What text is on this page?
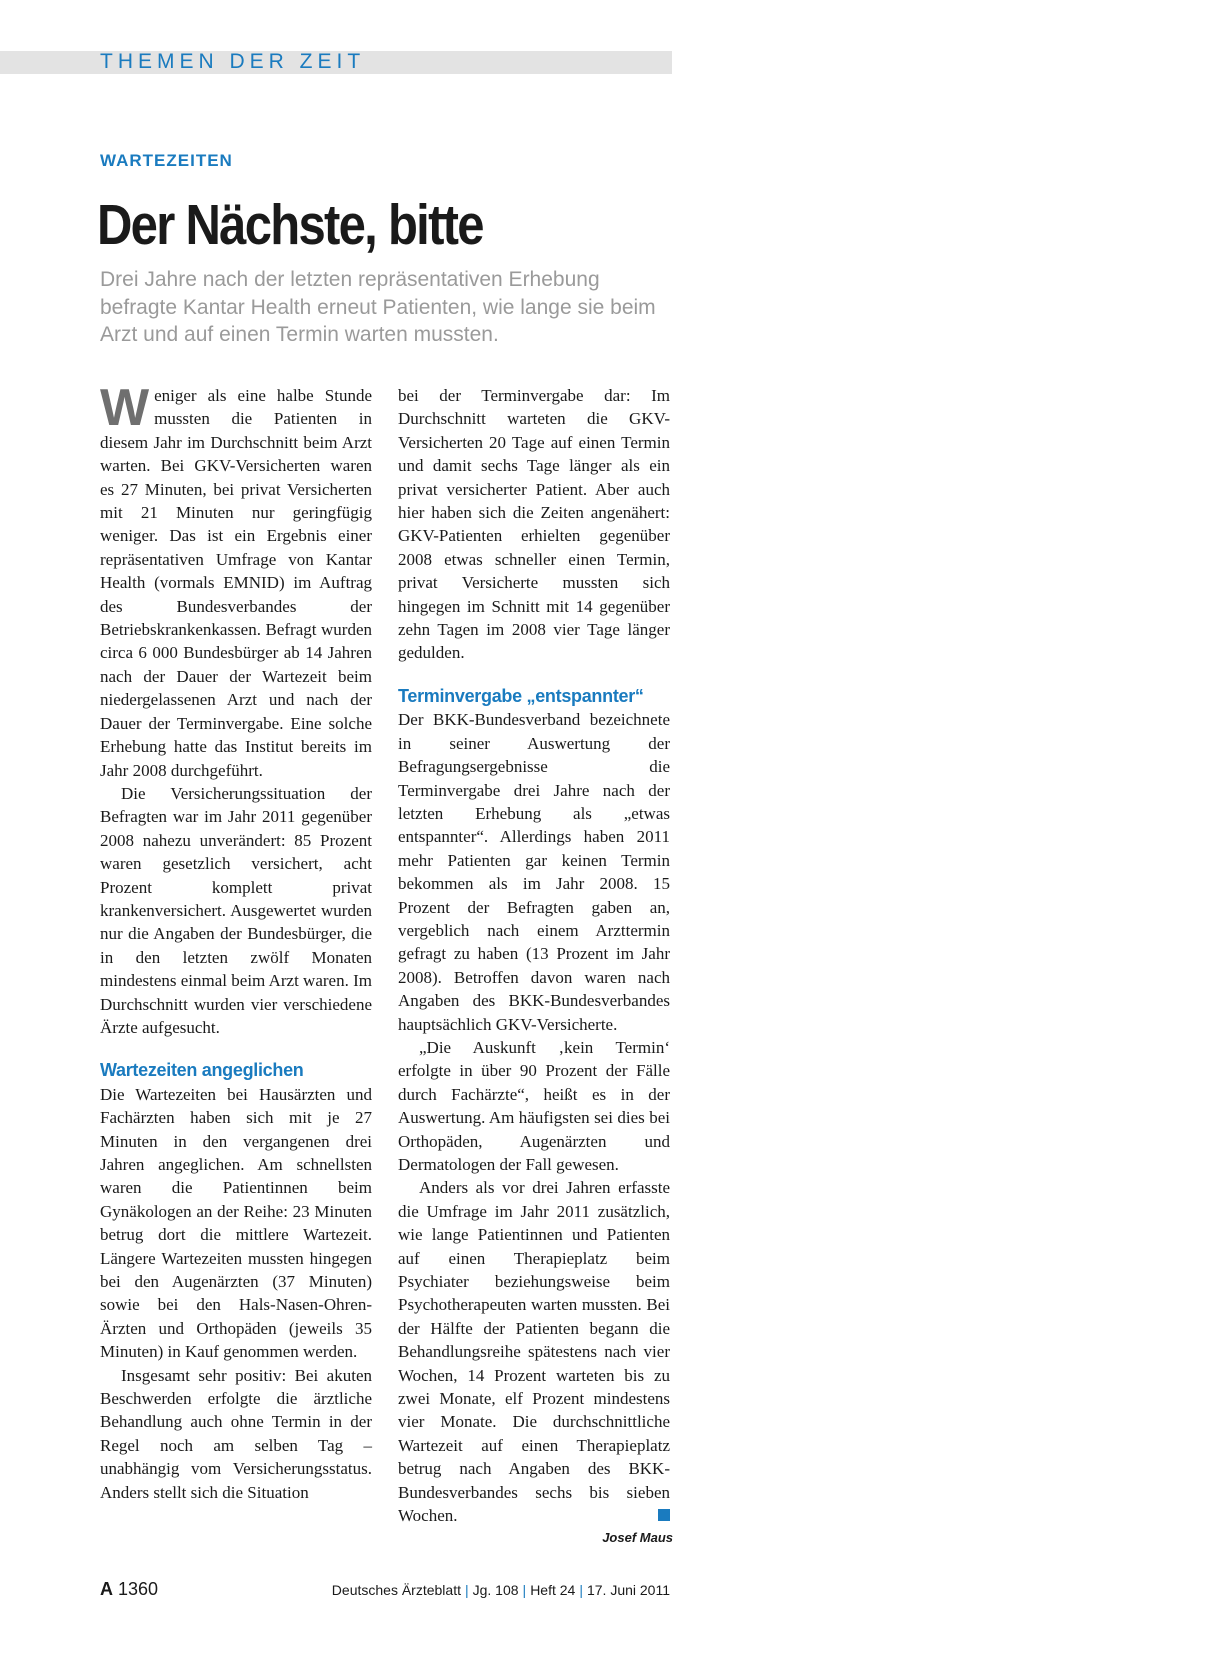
THEMEN DER ZEIT
WARTEZEITEN
Der Nächste, bitte

Drei Jahre nach der letzten repräsentativen Erhebung befragte Kantar Health erneut Patienten, wie lange sie beim Arzt und auf einen Termin warten mussten.

Weniger als eine halbe Stunde mussten die Patienten in diesem Jahr im Durchschnitt beim Arzt warten. Bei GKV-Versicherten waren es 27 Minuten, bei privat Versicherten mit 21 Minuten nur geringfügig weniger. Das ist ein Ergebnis einer repräsentativen Umfrage von Kantar Health (vormals EMNID) im Auftrag des Bundesverbandes der Betriebskrankenkassen. Befragt wurden circa 6 000 Bundesbürger ab 14 Jahren nach der Dauer der Wartezeit beim niedergelassenen Arzt und nach der Dauer der Terminvergabe. Eine solche Erhebung hatte das Institut bereits im Jahr 2008 durchgeführt.

Die Versicherungssituation der Befragten war im Jahr 2011 gegenüber 2008 nahezu unverändert: 85 Prozent waren gesetzlich versichert, acht Prozent komplett privat krankenversichert. Ausgewertet wurden nur die Angaben der Bundesbürger, die in den letzten zwölf Monaten mindestens einmal beim Arzt waren. Im Durchschnitt wurden vier verschiedene Ärzte aufgesucht.

Wartezeiten angeglichen

Die Wartezeiten bei Hausärzten und Fachärzten haben sich mit je 27 Minuten in den vergangenen drei Jahren angeglichen. Am schnellsten waren die Patientinnen beim Gynäkologen an der Reihe: 23 Minuten betrug dort die mittlere Wartezeit. Längere Wartezeiten mussten hingegen bei den Augenärzten (37 Minuten) sowie bei den Hals-Nasen-Ohren-Ärzten und Orthopäden (jeweils 35 Minuten) in Kauf genommen werden.

Insgesamt sehr positiv: Bei akuten Beschwerden erfolgte die ärztliche Behandlung auch ohne Termin in der Regel noch am selben Tag – unabhängig vom Versicherungsstatus. Anders stellt sich die Situation

bei der Terminvergabe dar: Im Durchschnitt warteten die GKV-Versicherten 20 Tage auf einen Termin und damit sechs Tage länger als ein privat versicherter Patient. Aber auch hier haben sich die Zeiten angenähert: GKV-Patienten erhielten gegenüber 2008 etwas schneller einen Termin, privat Versicherte mussten sich hingegen im Schnitt mit 14 gegenüber zehn Tagen im 2008 vier Tage länger gedulden.

Terminvergabe „entspannter“

Der BKK-Bundesverband bezeichnete in seiner Auswertung der Befragungsergebnisse die Terminvergabe drei Jahre nach der letzten Erhebung als „etwas entspannter“. Allerdings haben 2011 mehr Patienten gar keinen Termin bekommen als im Jahr 2008. 15 Prozent der Befragten gaben an, vergeblich nach einem Arzttermin gefragt zu haben (13 Prozent im Jahr 2008). Betroffen davon waren nach Angaben des BKK-Bundesverbandes hauptsächlich GKV-Versicherte.

„Die Auskunft ‚kein Termin‘ erfolgte in über 90 Prozent der Fälle durch Fachärzte“, heißt es in der Auswertung. Am häufigsten sei dies bei Orthopäden, Augenärzten und Dermatologen der Fall gewesen.

Anders als vor drei Jahren erfasste die Umfrage im Jahr 2011 zusätzlich, wie lange Patientinnen und Patienten auf einen Therapieplatz beim Psychiater beziehungsweise beim Psychotherapeuten warten mussten. Bei der Hälfte der Patienten begann die Behandlungsreihe spätestens nach vier Wochen, 14 Prozent warteten bis zu zwei Monate, elf Prozent mindestens vier Monate. Die durchschnittliche Wartezeit auf einen Therapieplatz betrug nach Angaben des BKK-Bundesverbandes sechs bis sieben Wochen.

Josef Maus
A 1360	Deutsches Ärzteblatt | Jg. 108 | Heft 24 | 17. Juni 2011
